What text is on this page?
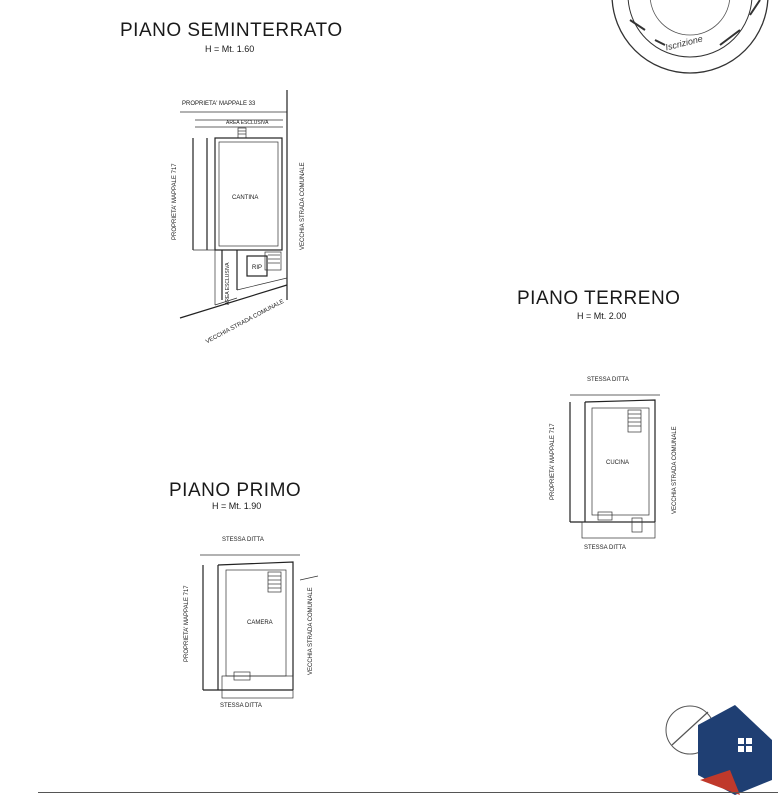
PIANO SEMINTERRATO
H = Mt. 1.60
PROPRIETA' MAPPALE 33
AREA ESCLUSIVA
PROPRIETA' MAPPALE 717	CANTINA	VECCHIA STRADA COMUNALE
RIP
AREA ESCLUSIVA
VECCHIA STRADA COMUNALE
PIANO TERRENO
H = Mt. 2.00
STESSA DITTA
PROPRIETA' MAPPALE 717	CUCINA	VECCHIA STRADA COMUNALE
STESSA DITTA
PIANO PRIMO
H = Mt. 1.90
STESSA DITTA
PROPRIETA' MAPPALE 717	CAMERA	VECCHIA STRADA COMUNALE
STESSA DITTA
Iscrizione
